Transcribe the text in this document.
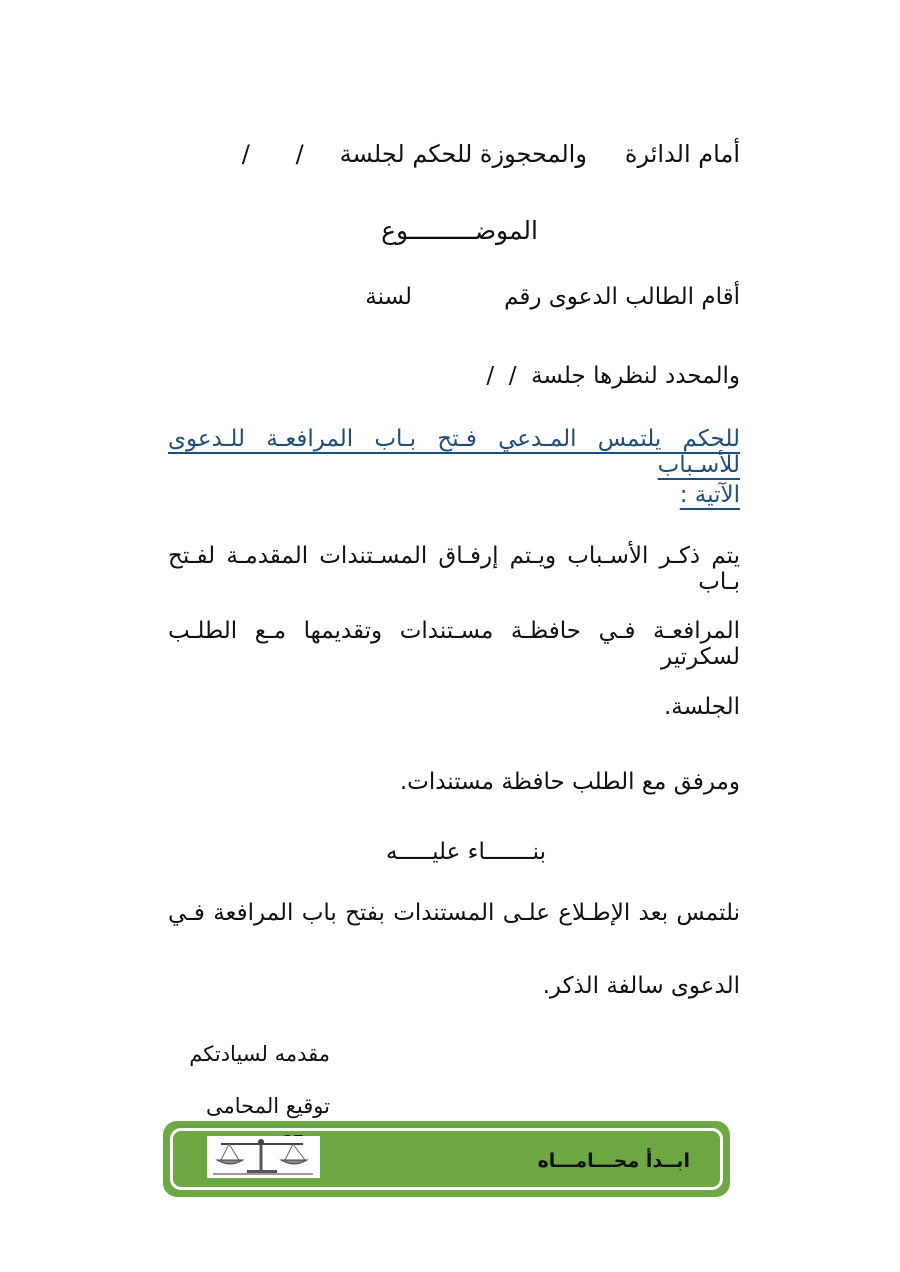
أمام الدائرةوالمحجوزة للحكم لجلسة/      /
الموضـــــــــوع
أقام الطالب الدعوى رقملسنة
والمحدد لنظرها جلسة  /  /
للحكم يلتمس المـدعي فـتح بـاب المرافعـة للـدعوى للأسـباب
الآتية :
يتم ذكـر الأسـباب ويـتم إرفـاق المسـتندات المقدمـة لفـتح بـاب
المرافعـة فـي حافظـة مسـتندات وتقديمها مـع الطلـب لسكرتير
الجلسة.
ومرفق مع الطلب حافظة مستندات.
بنـــــــاء عليـــــه
نلتمس بعد الإطـلاع علـى المستندات بفتح باب المرافعة فـي
الدعوى سالفة الذكر.
مقدمه لسيادتكم
توقيع المحامى
ابــدأ محـــامـــاه
